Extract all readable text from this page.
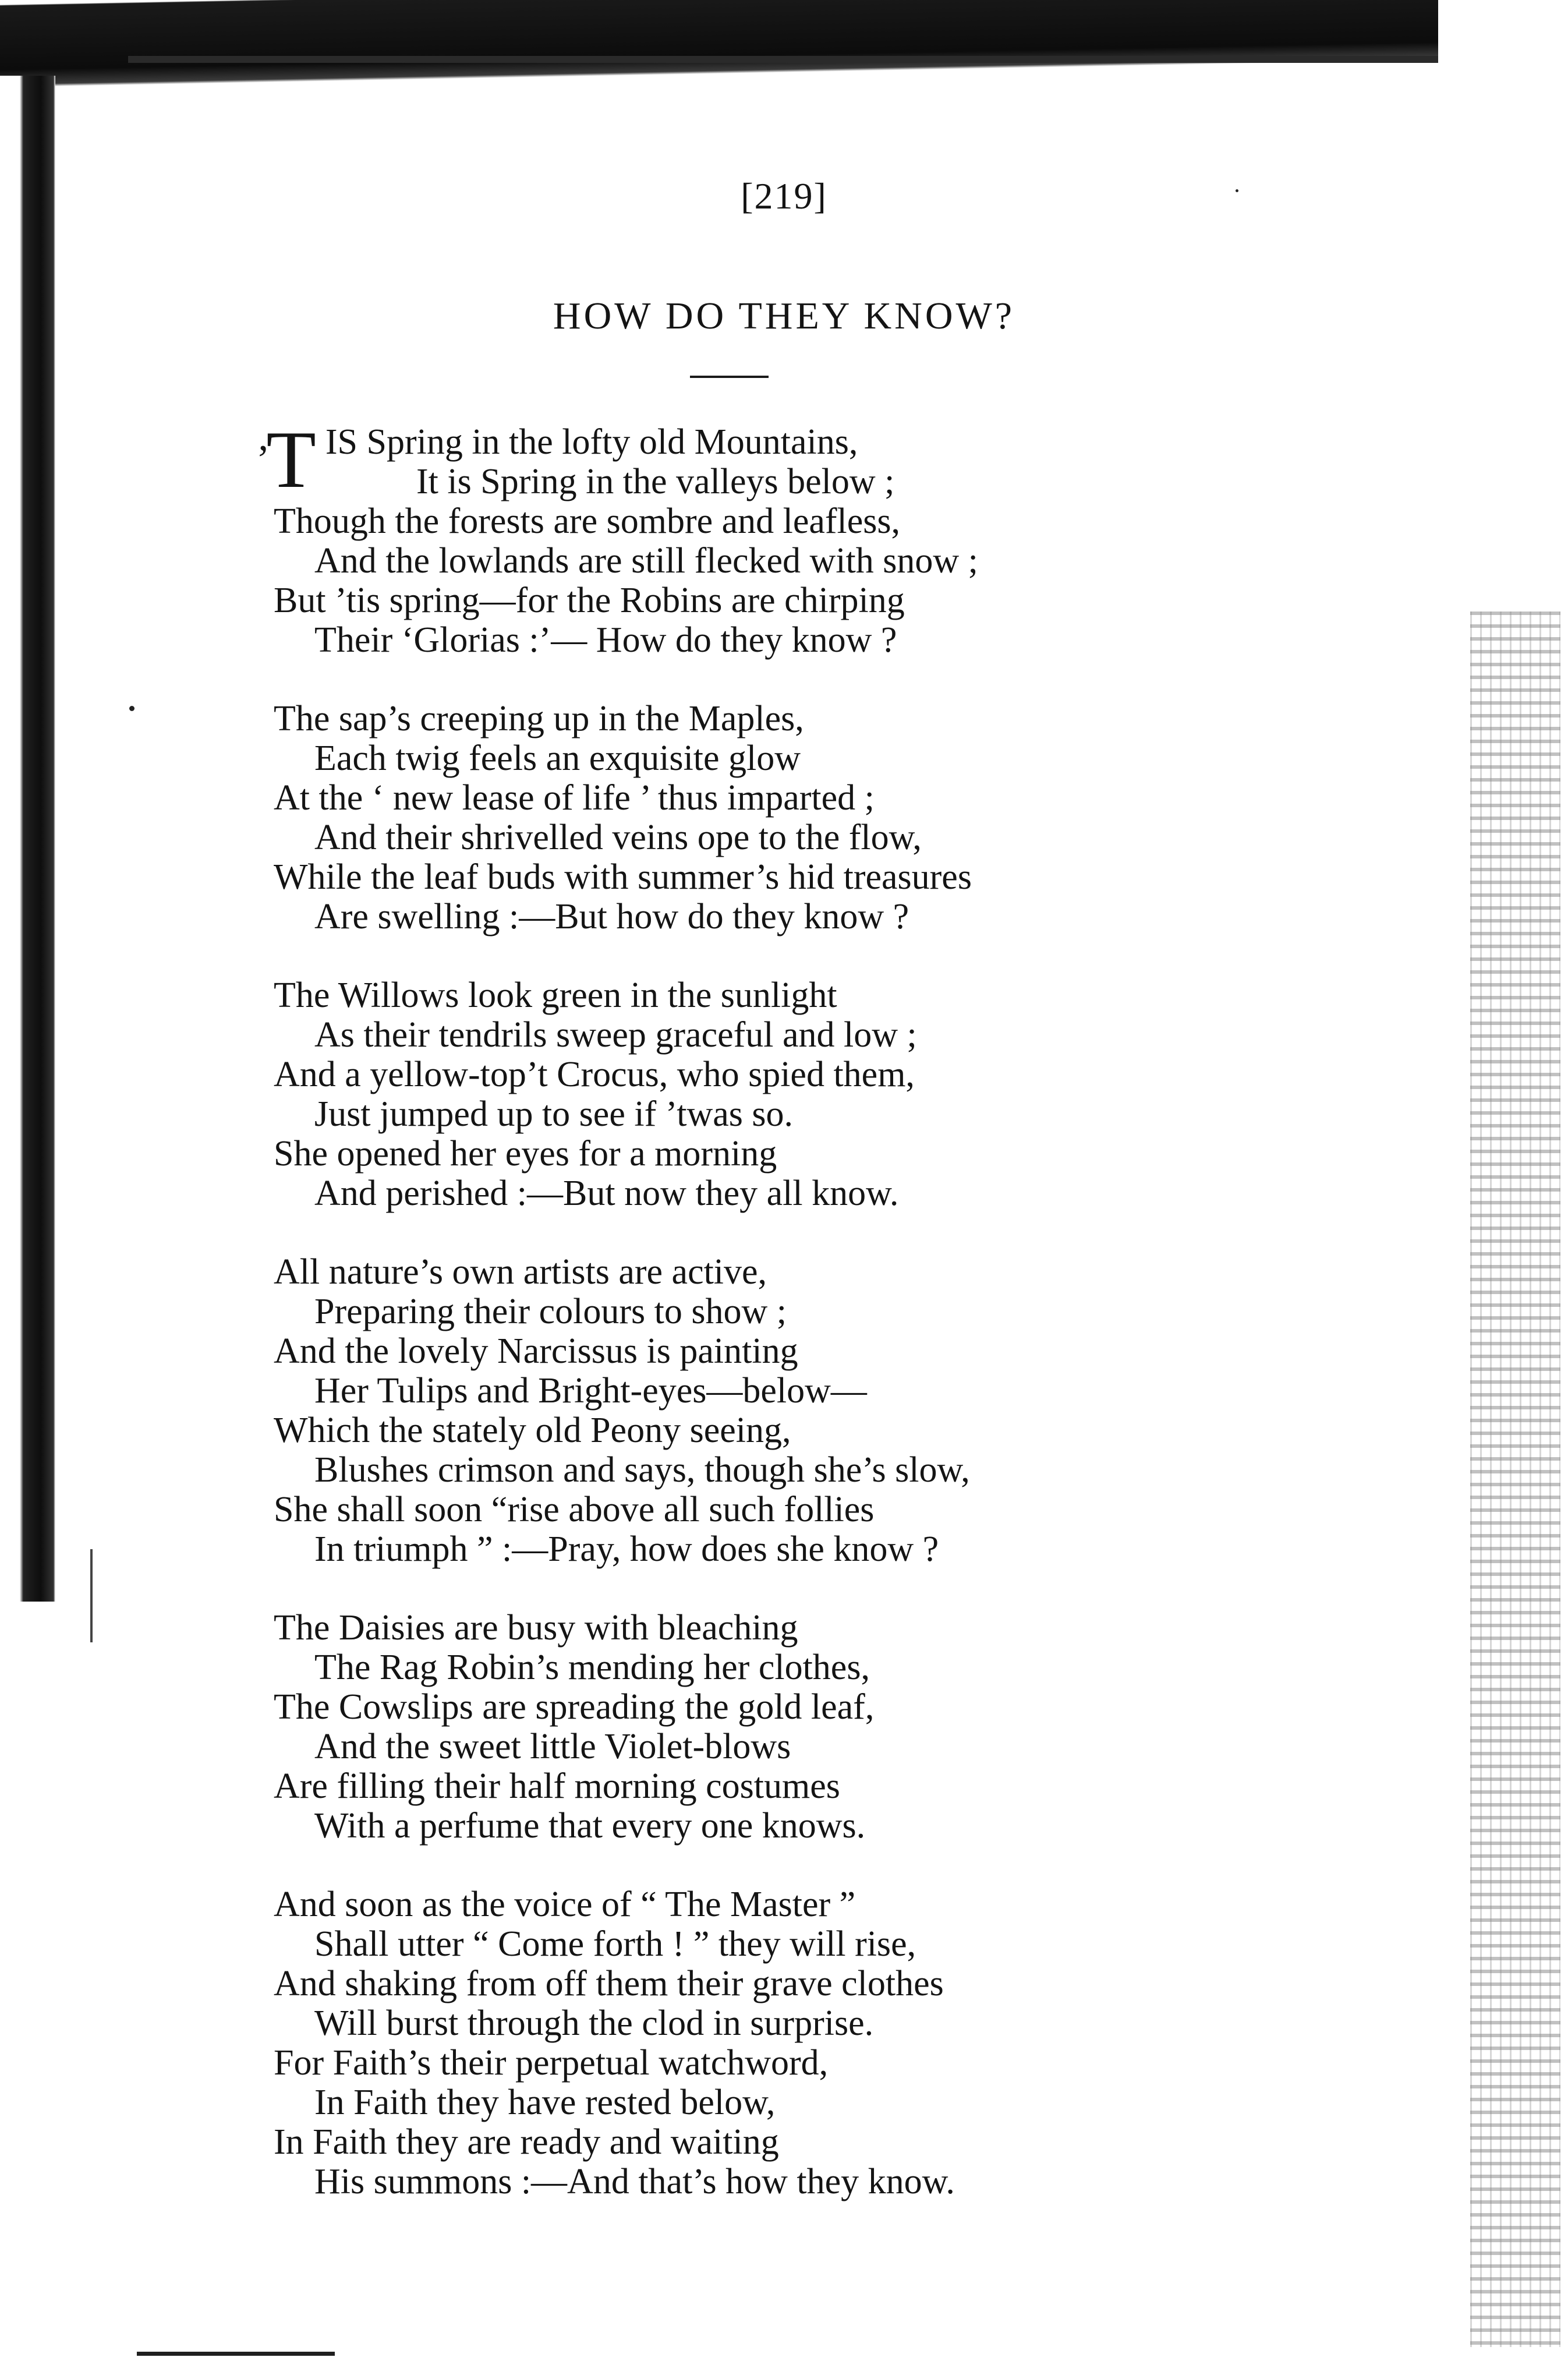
[219]
HOW DO THEY KNOW?
’T IS Spring in the lofty old Mountains,
It is Spring in the valleys below ;
Though the forests are sombre and leafless,
And the lowlands are still flecked with snow ;
But ’tis spring—for the Robins are chirping
Their ‘Glorias :’— How do they know ?
The sap’s creeping up in the Maples,
Each twig feels an exquisite glow
At the ‘ new lease of life ’ thus imparted ;
And their shrivelled veins ope to the flow,
While the leaf buds with summer’s hid treasures
Are swelling :—But how do they know ?
The Willows look green in the sunlight
As their tendrils sweep graceful and low ;
And a yellow-top’t Crocus, who spied them,
Just jumped up to see if ’twas so.
She opened her eyes for a morning
And perished :—But now they all know.
All nature’s own artists are active,
Preparing their colours to show ;
And the lovely Narcissus is painting
Her Tulips and Bright-eyes—below—
Which the stately old Peony seeing,
Blushes crimson and says, though she’s slow,
She shall soon “rise above all such follies
In triumph ” :—Pray, how does she know ?
The Daisies are busy with bleaching
The Rag Robin’s mending her clothes,
The Cowslips are spreading the gold leaf,
And the sweet little Violet-blows
Are filling their half morning costumes
With a perfume that every one knows.
And soon as the voice of “ The Master ”
Shall utter “ Come forth ! ” they will rise,
And shaking from off them their grave clothes
Will burst through the clod in surprise.
For Faith’s their perpetual watchword,
In Faith they have rested below,
In Faith they are ready and waiting
His summons :—And that’s how they know.
